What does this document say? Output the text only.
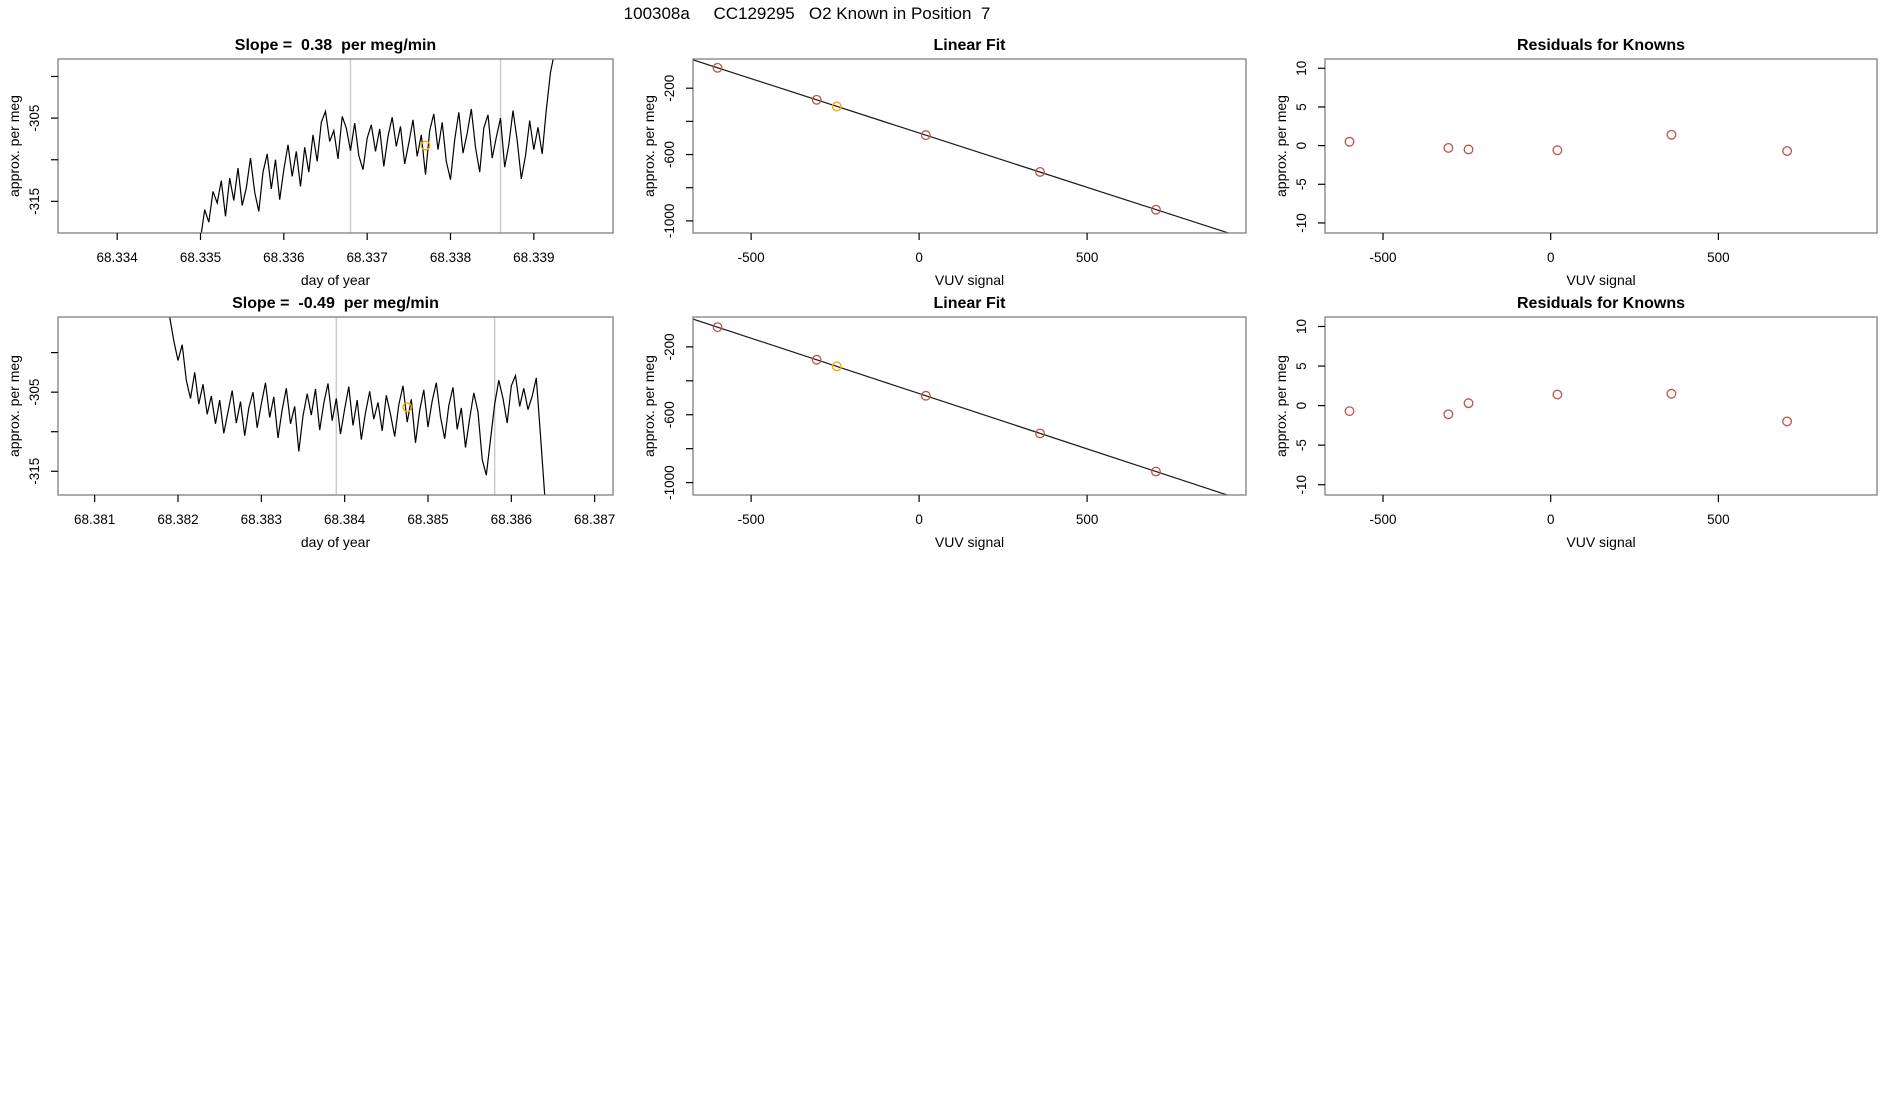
68.334	68.335	68.336	68.337	68.338	68.339
-305
-315
-500	0	500
-200
-600
-1000
-500	0	500
-10
-5
0
5
10
68.381	68.382	68.383	68.384	68.385	68.386	68.387
-305
-315
-500	0	500
-200
-600
-1000
-500	0	500
-10
-5
0
5
10
100308a     CC129295   O2 Known in Position  7
Slope =  0.38  per meg/min	Linear Fit	Residuals for Knowns
Slope =  -0.49  per meg/min	Linear Fit	Residuals for Knowns
day of year	VUV signal	VUV signal
day of year	VUV signal	VUV signal
approx. per meg	approx. per meg	approx. per meg
approx. per meg	approx. per meg	approx. per meg
